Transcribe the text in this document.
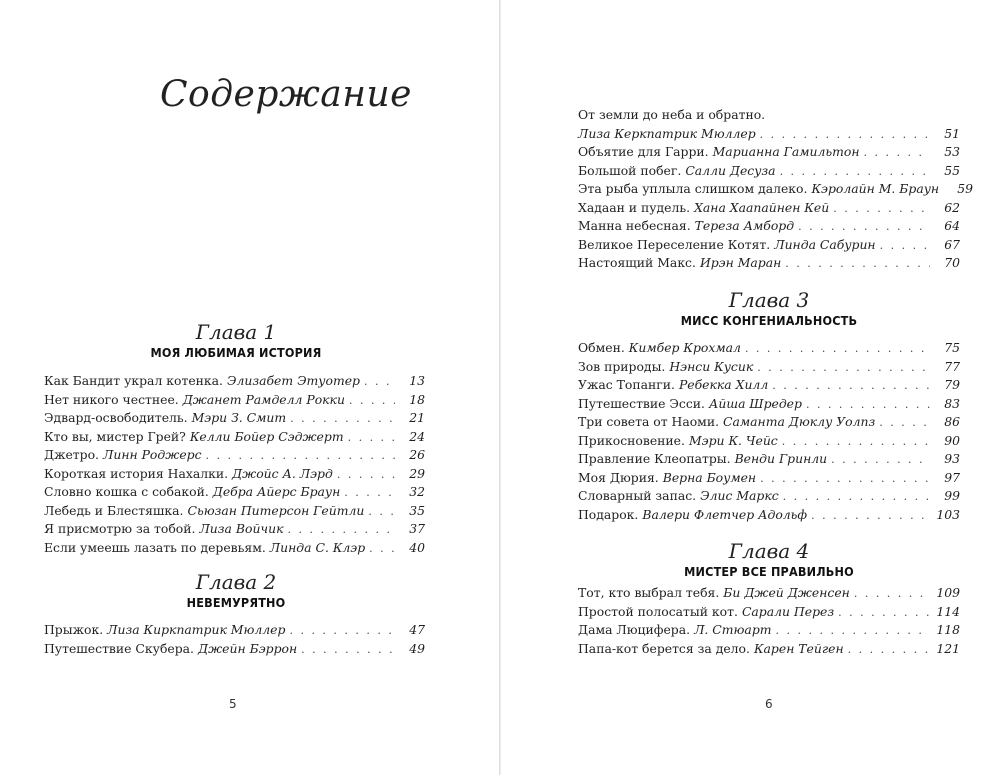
Содержание
Глава 1
МОЯ ЛЮБИМАЯ ИСТОРИЯ
Как Бандит украл котенка. Элизабет Этуотер . . .	13
Нет никого честнее. Джанет Рамделл Рокки . . .	18
Эдвард-освободитель. Мэри З. Смит . . .	21
Кто вы, мистер Грей? Келли Бойер Сэджерт . . .	24
Джетро. Линн Роджерс . . .	26
Короткая история Нахалки. Джойс А. Лэрд . . .	29
Словно кошка с собакой. Дебра Айерс Браун . . .	32
Лебедь и Блестяшка. Сьюзан Питерсон Гейтли . . .	35
Я присмотрю за тобой. Лиза Войчик . . .	37
Если умеешь лазать по деревьям. Линда С. Клэр . . .	40
Глава 2
НЕВЕМУРЯТНО
Прыжок. Лиза Киркпатрик Мюллер . . .	47
Путешествие Скубера. Джейн Бэррон . . .	49
5
От земли до неба и обратно.
Лиза Керкпатрик Мюллер . . .	51
Объятие для Гарри. Марианна Гамильтон . . .	53
Большой побег. Салли Десуза . . .	55
Эта рыба уплыла слишком далеко. Кэролайн М. Браун	59
Хадаан и пудель. Хана Хаапайнен Кей . . .	62
Манна небесная. Тереза Амборд . . .	64
Великое Переселение Котят. Линда Сабурин . . .	67
Настоящий Макс. Ирэн Маран . . .	70
Глава 3
МИСС КОНГЕНИАЛЬНОСТЬ
Обмен. Кимбер Крохмал . . .	75
Зов природы. Нэнси Кусик . . .	77
Ужас Топанги. Ребекка Хилл . . .	79
Путешествие Эсси. Айша Шредер . . .	83
Три совета от Наоми. Саманта Дюклу Уолпз . . .	86
Прикосновение. Мэри К. Чейс . . .	90
Правление Клеопатры. Венди Гринли . . .	93
Моя Дюрия. Верна Боумен . . .	97
Словарный запас. Элис Маркс . . .	99
Подарок. Валери Флетчер Адольф . . .	103
Глава 4
МИСТЕР ВСЕ ПРАВИЛЬНО
Тот, кто выбрал тебя. Би Джей Дженсен . . .	109
Простой полосатый кот. Сарали Перез . . .	114
Дама Люцифера. Л. Стюарт . . .	118
Папа-кот берется за дело. Карен Тейген . . .	121
6
